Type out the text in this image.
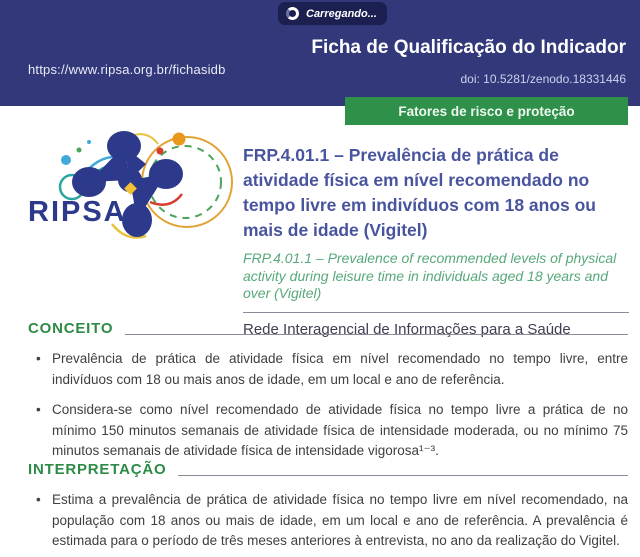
Carregando...
https://www.ripsa.org.br/fichasidb
Ficha de Qualificação do Indicador
doi: 10.5281/zenodo.18331446
Fatores de risco e proteção
RIPSA
FRP.4.01.1 – Prevalência de prática de atividade física em nível recomendado no tempo livre em indivíduos com 18 anos ou mais de idade (Vigitel)
FRP.4.01.1 – Prevalence of recommended levels of physical activity during leisure time in individuals aged 18 years and over (Vigitel)
Rede Interagencial de Informações para a Saúde
CONCEITO
• Prevalência de prática de atividade física em nível recomendado no tempo livre, entre indivíduos com 18 ou mais anos de idade, em um local e ano de referência.
• Considera-se como nível recomendado de atividade física no tempo livre a prática de no mínimo 150 minutos semanais de atividade física de intensidade moderada, ou no mínimo 75 minutos semanais de atividade física de intensidade vigorosa¹⁻³.
INTERPRETAÇÃO
• Estima a prevalência de prática de atividade física no tempo livre em nível recomendado, na população com 18 anos ou mais de idade, em um local e ano de referência. A prevalência é estimada para o período de três meses anteriores à entrevista, no ano da realização do Vigitel.
